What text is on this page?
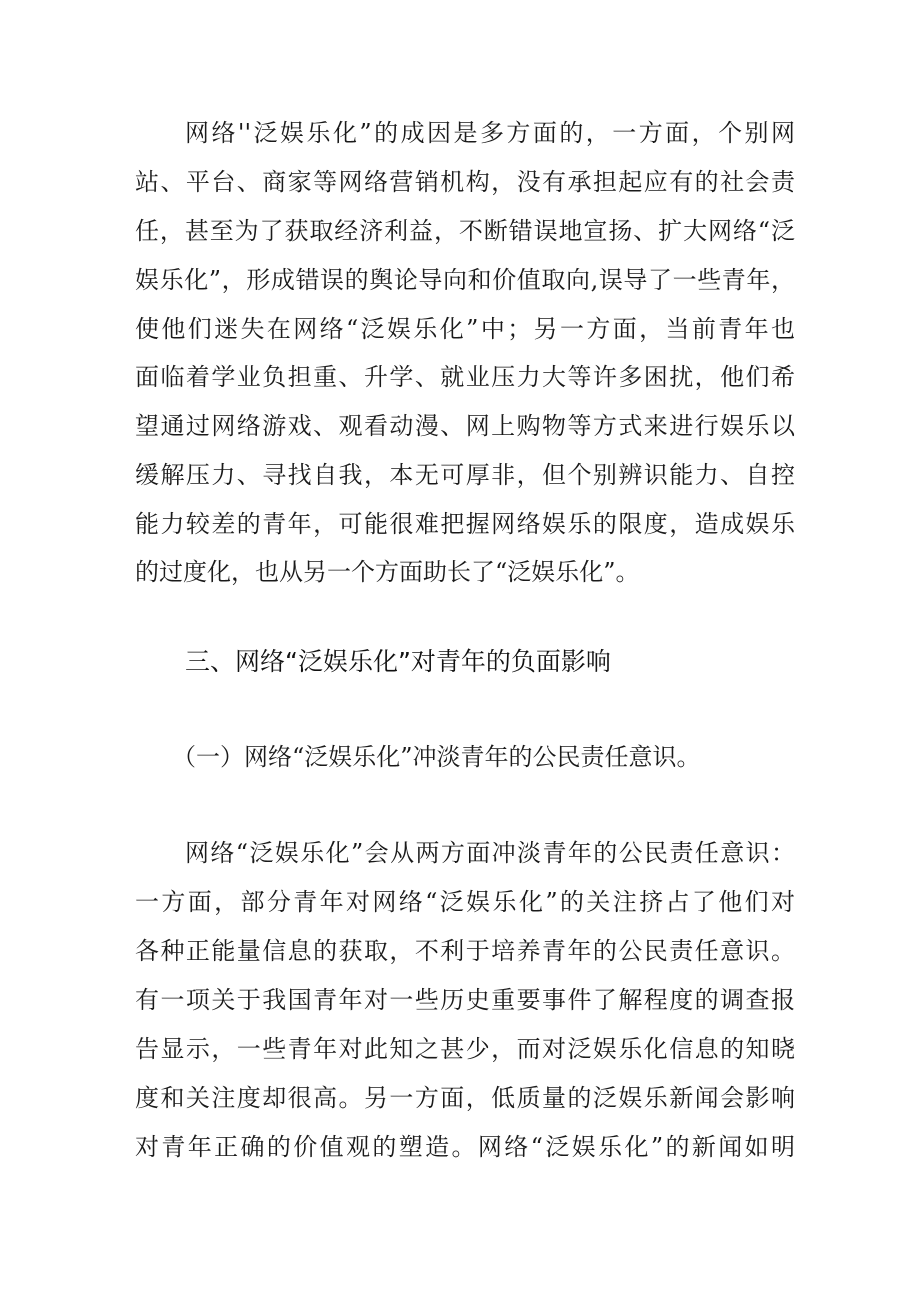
网络''泛娱乐化”的成因是多方面的，一方面，个别网
站、平台、商家等网络营销机构，没有承担起应有的社会责
任，甚至为了获取经济利益，不断错误地宣扬、扩大网络“泛
娱乐化”，形成错误的舆论导向和价值取向,误导了一些青年，
使他们迷失在网络“泛娱乐化”中；另一方面，当前青年也
面临着学业负担重、升学、就业压力大等许多困扰，他们希
望通过网络游戏、观看动漫、网上购物等方式来进行娱乐以
缓解压力、寻找自我，本无可厚非，但个别辨识能力、自控
能力较差的青年，可能很难把握网络娱乐的限度，造成娱乐
的过度化，也从另一个方面助长了“泛娱乐化”。
三、网络“泛娱乐化”对青年的负面影响
（一）网络“泛娱乐化”冲淡青年的公民责任意识。
网络“泛娱乐化”会从两方面冲淡青年的公民责任意识：
一方面，部分青年对网络“泛娱乐化”的关注挤占了他们对
各种正能量信息的获取，不利于培养青年的公民责任意识。
有一项关于我国青年对一些历史重要事件了解程度的调查报
告显示，一些青年对此知之甚少，而对泛娱乐化信息的知晓
度和关注度却很高。另一方面，低质量的泛娱乐新闻会影响
对青年正确的价值观的塑造。网络“泛娱乐化”的新闻如明
